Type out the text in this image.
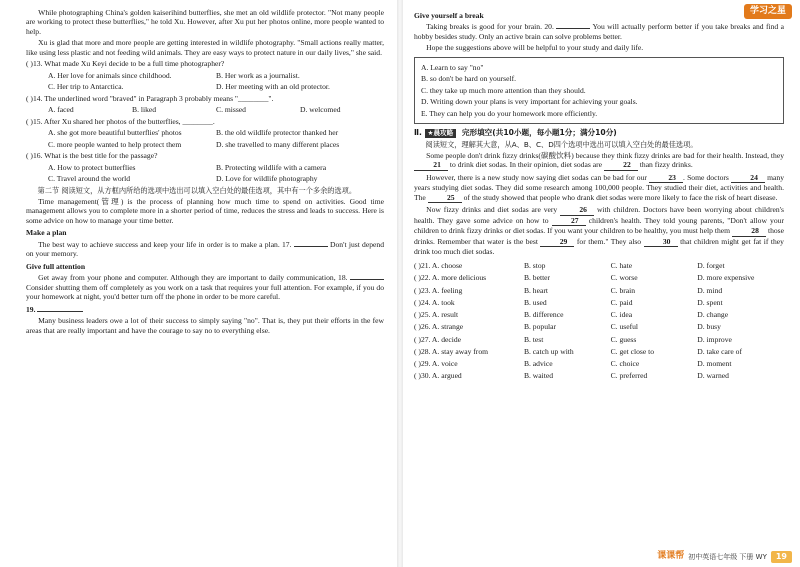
While photographing China's golden kaiserihind butterflies, she met an old wildlife protector. "Not many people are working to protect these butterflies," he told Xu. However, after Xu put her photos online, more people wanted to help.

Xu is glad that more and more people are getting interested in wildlife photography. "Small actions really matter, like using less plastic and not feeding wild animals. They are easy ways to protect nature in our daily lives," she said.

( )13. What made Xu Keyi decide to be a full time photographer?

A. Her love for animals since childhood.	B. Her work as a journalist.
C. Her trip to Antarctica.	D. Her meeting with an old protector.

( )14. The underlined word "braved" in Paragraph 3 probably means "________".

A. faced	B. liked	C. missed	D. welcomed

( )15. After Xu shared her photos of the butterflies, ________.

A. she got more beautiful butterflies' photos	B. the old wildlife protector thanked her
C. more people wanted to help protect them	D. she travelled to many different places

( )16. What is the best title for the passage?

A. How to protect butterflies	B. Protecting wildlife with a camera
C. Travel around the world	D. Love for wildlife photography

第二节 阅读短文，从方框内所给的选项中选出可以填入空白处的最佳选项，其中有一个多余的选项。

Time management(管理) is the process of planning how much time to spend on activities. Good time management allows you to complete more in a shorter period of time, reduces the stress and leads to success. Here is some advice on how to manage your time better.

Make a plan

The best way to achieve success and keep your life in order is to make a plan. 17.	Don't just depend on your memory.

Give full attention

Get away from your phone and computer. Although they are important to daily communication, 18.  Consider shutting them off completely as you work on a task that requires your full attention. For example, if you do your homework at night, you'd better turn off the phone in order to be more careful.

19.

Many business leaders owe a lot of their success to simply saying "no". That is, they put their efforts in the few areas that are really important and have the courage to say no to everything else.

学习之星

Give yourself a break

Taking breaks is good for your brain. 20.	You will actually perform better if you take breaks and find a hobby besides study. Only an active brain can solve problems better.

Hope the suggestions above will be helpful to your study and daily life.

A. Learn to say "no"

B. so don't be hard on yourself.

C. they take up much more attention than they should.

D. Writing down your plans is very important for achieving your goals.

E. They can help you do your homework more efficiently.

Ⅱ. ★晨攻略 完形填空(共10小题，每小题1分；满分10分)

阅读短文，理解其大意，从A、B、C、D四个选项中选出可以填入空白处的最佳选项。

Some people don't drink fizzy drinks(碳酸饮料) because they think fizzy drinks are bad for their health. Instead, they 21 to drink diet sodas. In their opinion, diet sodas are	22 than fizzy drinks.

However, there is a new study now saying diet sodas can be bad for our	23 . Some doctors	24 many years studying diet sodas. They did some research among 100,000 people. They studied their diet, activities and health. The	25 of the study showed that people who drank diet sodas were more likely to face the risk of heart disease.

Now fizzy drinks and diet sodas are very	26 with children. Doctors have been worrying about children's health. They gave some advice on how to	27 children's health. They told young parents, "Don't allow your children to drink fizzy drinks or diet sodas. If you want your children to be healthy, you must help them	28 those drinks. Remember that water is the best	29 for them." They also	30 that children might get fat if they drink too much diet sodas.

( )21. A. choose	B. stop	C. hate	D. forget
( )22. A. more delicious	B. better	C. worse	D. more expensive
( )23. A. feeling	B. heart	C. brain	D. mind
( )24. A. took	B. used	C. paid	D. spent
( )25. A. result	B. difference	C. idea	D. change
( )26. A. strange	B. popular	C. useful	D. busy
( )27. A. decide	B. test	C. guess	D. improve
( )28. A. stay away from	B. catch up with	C. get close to	D. take care of
( )29. A. voice	B. advice	C. choice	D. moment
( )30. A. argued	B. waited	C. preferred	D. warned
课课帮 初中英语七年级 下册 WY	19
